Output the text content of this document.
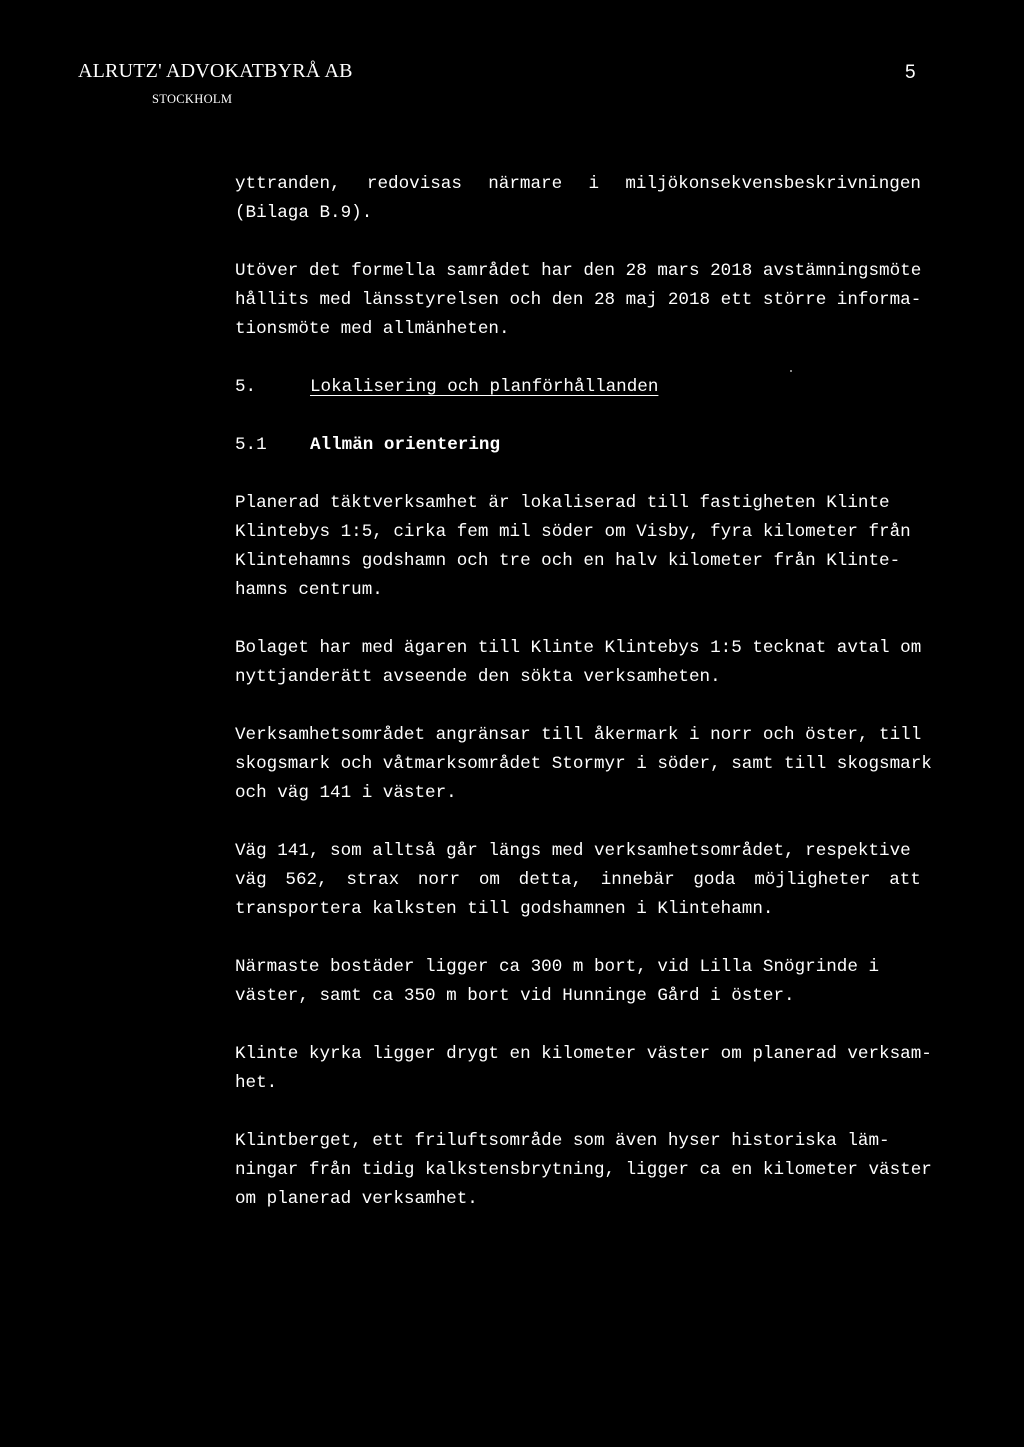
ALRUTZ' ADVOKATBYRÅ AB
STOCKHOLM
5
yttranden, redovisas närmare i miljökonsekvensbeskrivningen
(Bilaga B.9).
Utöver det formella samrådet har den 28 mars 2018 avstämningsmöte
hållits med länsstyrelsen och den 28 maj 2018 ett större informa-
tionsmöte med allmänheten.
5.	Lokalisering och planförhållanden
5.1 Allmän orientering
Planerad täktverksamhet är lokaliserad till fastigheten Klinte
Klintebys 1:5, cirka fem mil söder om Visby, fyra kilometer från
Klintehamns godshamn och tre och en halv kilometer från Klinte-
hamns centrum.
Bolaget har med ägaren till Klinte Klintebys 1:5 tecknat avtal om
nyttjanderätt avseende den sökta verksamheten.
Verksamhetsområdet angränsar till åkermark i norr och öster, till
skogsmark och våtmarksområdet Stormyr i söder, samt till skogsmark
och väg 141 i väster.
Väg 141, som alltså går längs med verksamhetsområdet, respektive
väg 562, strax norr om detta, innebär goda möjligheter att
transportera kalksten till godshamnen i Klintehamn.
Närmaste bostäder ligger ca 300 m bort, vid Lilla Snögrinde i
väster, samt ca 350 m bort vid Hunninge Gård i öster.
Klinte kyrka ligger drygt en kilometer väster om planerad verksam-
het.
Klintberget, ett friluftsområde som även hyser historiska läm-
ningar från tidig kalkstensbrytning, ligger ca en kilometer väster
om planerad verksamhet.
